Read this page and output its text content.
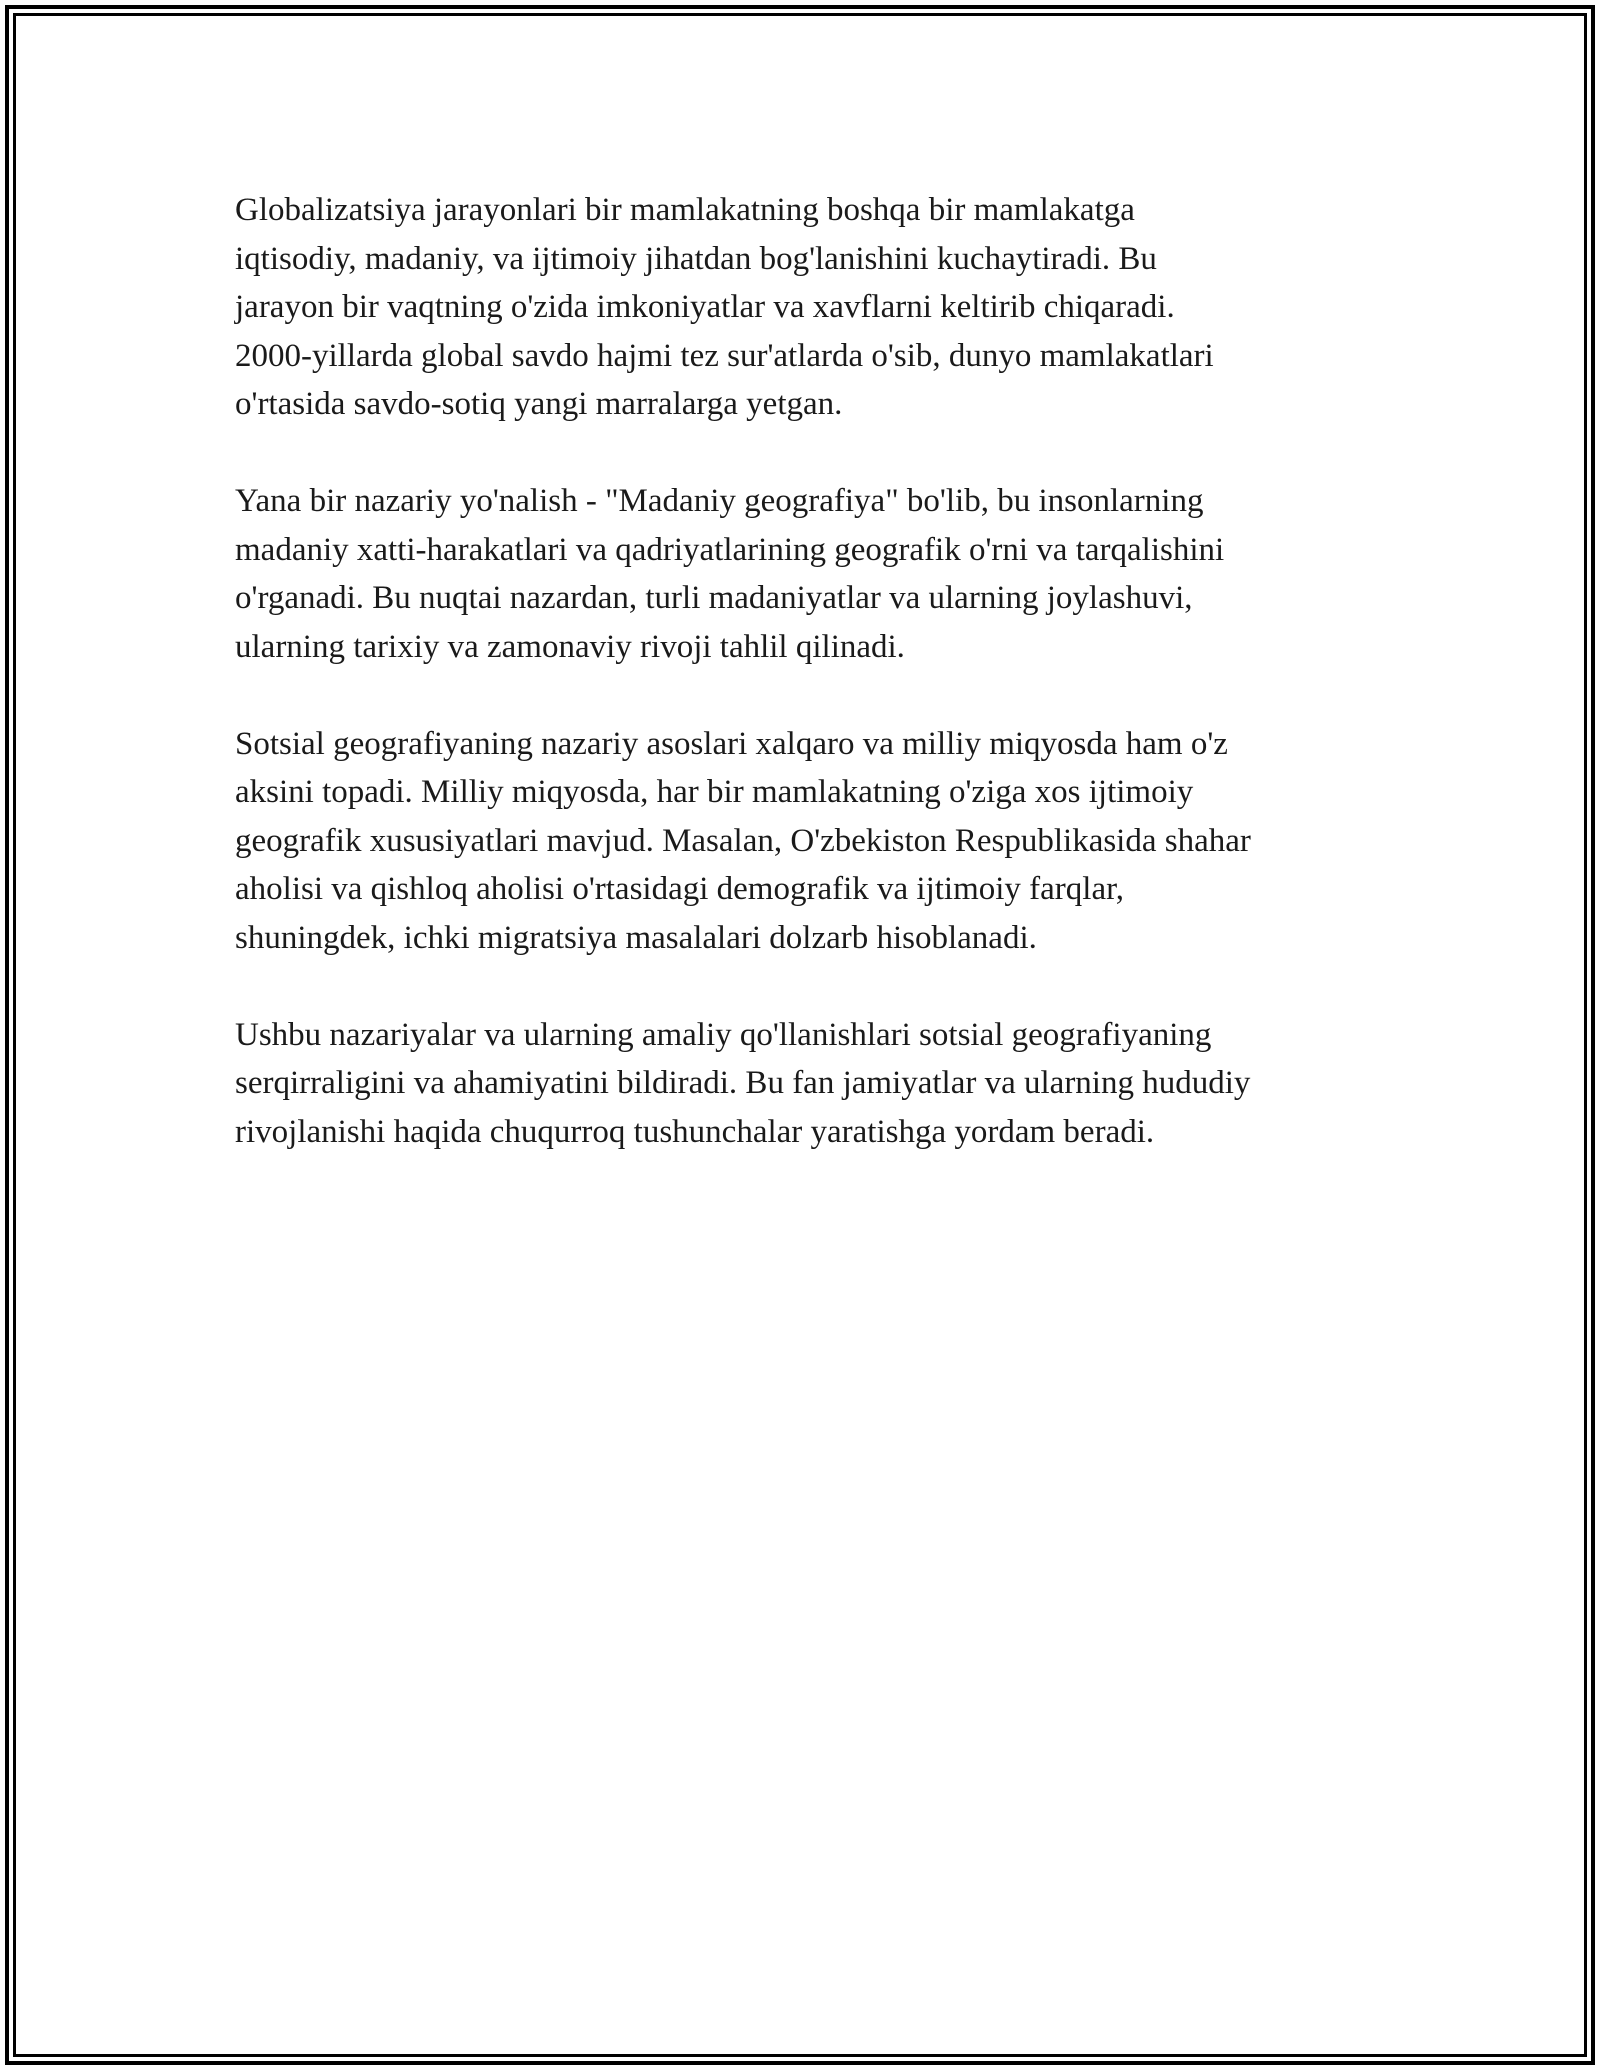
Globalizatsiya jarayonlari bir mamlakatning boshqa bir mamlakatga
iqtisodiy, madaniy, va ijtimoiy jihatdan bog'lanishini kuchaytiradi. Bu
jarayon bir vaqtning o'zida imkoniyatlar va xavflarni keltirib chiqaradi.
2000-yillarda global savdo hajmi tez sur'atlarda o'sib, dunyo mamlakatlari
o'rtasida savdo-sotiq yangi marralarga yetgan.

Yana bir nazariy yo'nalish - "Madaniy geografiya" bo'lib, bu insonlarning
madaniy xatti-harakatlari va qadriyatlarining geografik o'rni va tarqalishini
o'rganadi. Bu nuqtai nazardan, turli madaniyatlar va ularning joylashuvi,
ularning tarixiy va zamonaviy rivoji tahlil qilinadi.

Sotsial geografiyaning nazariy asoslari xalqaro va milliy miqyosda ham o'z
aksini topadi. Milliy miqyosda, har bir mamlakatning o'ziga xos ijtimoiy
geografik xususiyatlari mavjud. Masalan, O'zbekiston Respublikasida shahar
aholisi va qishloq aholisi o'rtasidagi demografik va ijtimoiy farqlar,
shuningdek, ichki migratsiya masalalari dolzarb hisoblanadi.

Ushbu nazariyalar va ularning amaliy qo'llanishlari sotsial geografiyaning
serqirraligini va ahamiyatini bildiradi. Bu fan jamiyatlar va ularning hududiy
rivojlanishi haqida chuqurroq tushunchalar yaratishga yordam beradi.
